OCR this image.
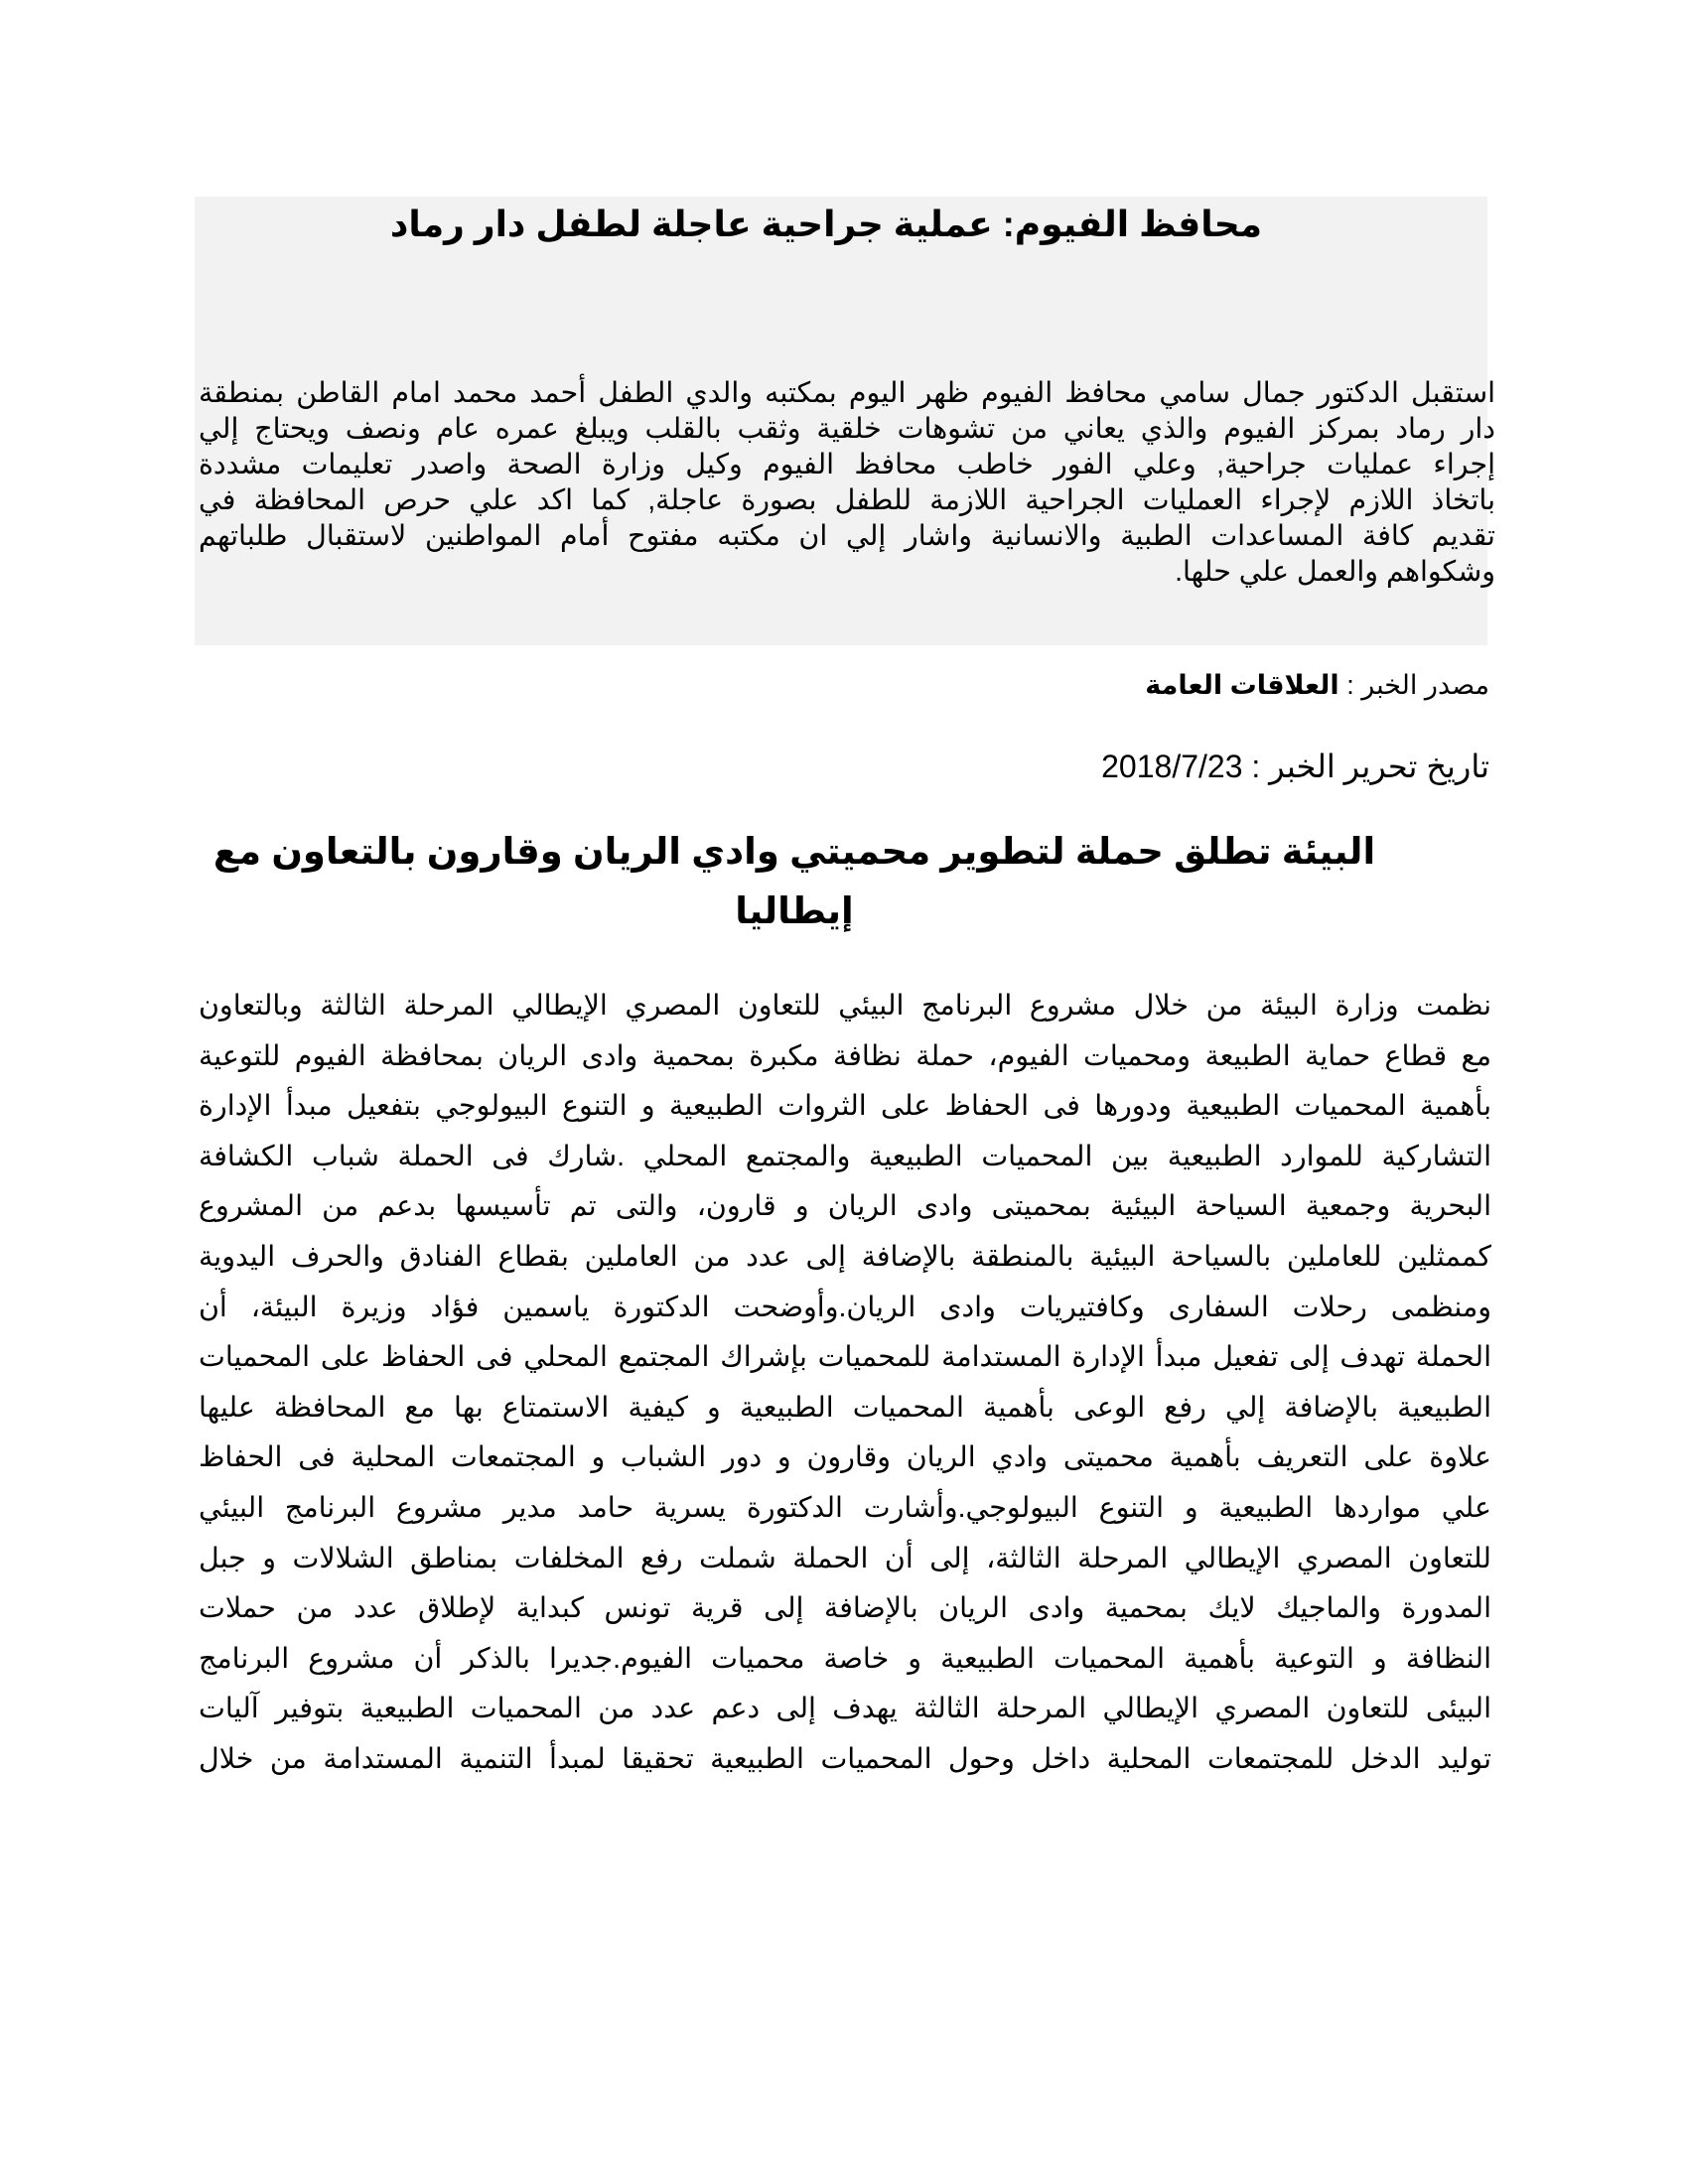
محافظ الفيوم: عملية جراحية عاجلة لطفل دار رماد
استقبل الدكتور جمال سامي محافظ الفيوم ظهر اليوم بمكتبه والدي الطفل أحمد محمد امام القاطن بمنطقة
دار رماد بمركز الفيوم والذي يعاني من تشوهات خلقية وثقب بالقلب ويبلغ عمره عام ونصف ويحتاج إلي
إجراء عمليات جراحية, وعلي الفور خاطب محافظ الفيوم وكيل وزارة الصحة واصدر تعليمات مشددة
باتخاذ اللازم لإجراء العمليات الجراحية اللازمة للطفل بصورة عاجلة, كما اكد علي حرص المحافظة في
تقديم كافة المساعدات الطبية والانسانية واشار إلي ان مكتبه مفتوح أمام المواطنين لاستقبال طلباتهم
وشكواهم والعمل علي حلها.
مصدر الخبر : العلاقات العامة
تاريخ تحرير الخبر : 2018/7/23
البيئة تطلق حملة لتطوير محميتي وادي الريان وقارون بالتعاون مع إيطاليا
نظمت وزارة البيئة من خلال مشروع البرنامج البيئي للتعاون المصري الإيطالي المرحلة الثالثة وبالتعاون
مع قطاع حماية الطبيعة ومحميات الفيوم، حملة نظافة مكبرة بمحمية وادى الريان بمحافظة الفيوم للتوعية
بأهمية المحميات الطبيعية ودورها فى الحفاظ على الثروات الطبيعية و التنوع البيولوجي بتفعيل مبدأ الإدارة
التشاركية للموارد الطبيعية بين المحميات الطبيعية والمجتمع المحلي .شارك فى الحملة شباب الكشافة
البحرية وجمعية السياحة البيئية بمحميتى وادى الريان و قارون، والتى تم تأسيسها بدعم من المشروع
كممثلين للعاملين بالسياحة البيئية بالمنطقة بالإضافة إلى عدد من العاملين بقطاع الفنادق والحرف اليدوية
ومنظمى رحلات السفارى وكافتيريات وادى الريان.وأوضحت الدكتورة ياسمين فؤاد وزيرة البيئة، أن
الحملة تهدف إلى تفعيل مبدأ الإدارة المستدامة للمحميات بإشراك المجتمع المحلي فى الحفاظ على المحميات
الطبيعية بالإضافة إلي رفع الوعى بأهمية المحميات الطبيعية و كيفية الاستمتاع بها مع المحافظة عليها
علاوة على التعريف بأهمية محميتى وادي الريان وقارون و دور الشباب و المجتمعات المحلية فى الحفاظ
علي مواردها الطبيعية و التنوع البيولوجي.وأشارت الدكتورة يسرية حامد مدير مشروع البرنامج البيئي
للتعاون المصري الإيطالي المرحلة الثالثة، إلى أن الحملة شملت رفع المخلفات بمناطق الشلالات و جبل
المدورة والماجيك لايك بمحمية وادى الريان بالإضافة إلى قرية تونس كبداية لإطلاق عدد من حملات
النظافة و التوعية بأهمية المحميات الطبيعية و خاصة محميات الفيوم.جديرا بالذكر أن مشروع البرنامج
البيئى للتعاون المصري الإيطالي المرحلة الثالثة يهدف إلى دعم عدد من المحميات الطبيعية بتوفير آليات
توليد الدخل للمجتمعات المحلية داخل وحول المحميات الطبيعية تحقيقا لمبدأ التنمية المستدامة من خلال
